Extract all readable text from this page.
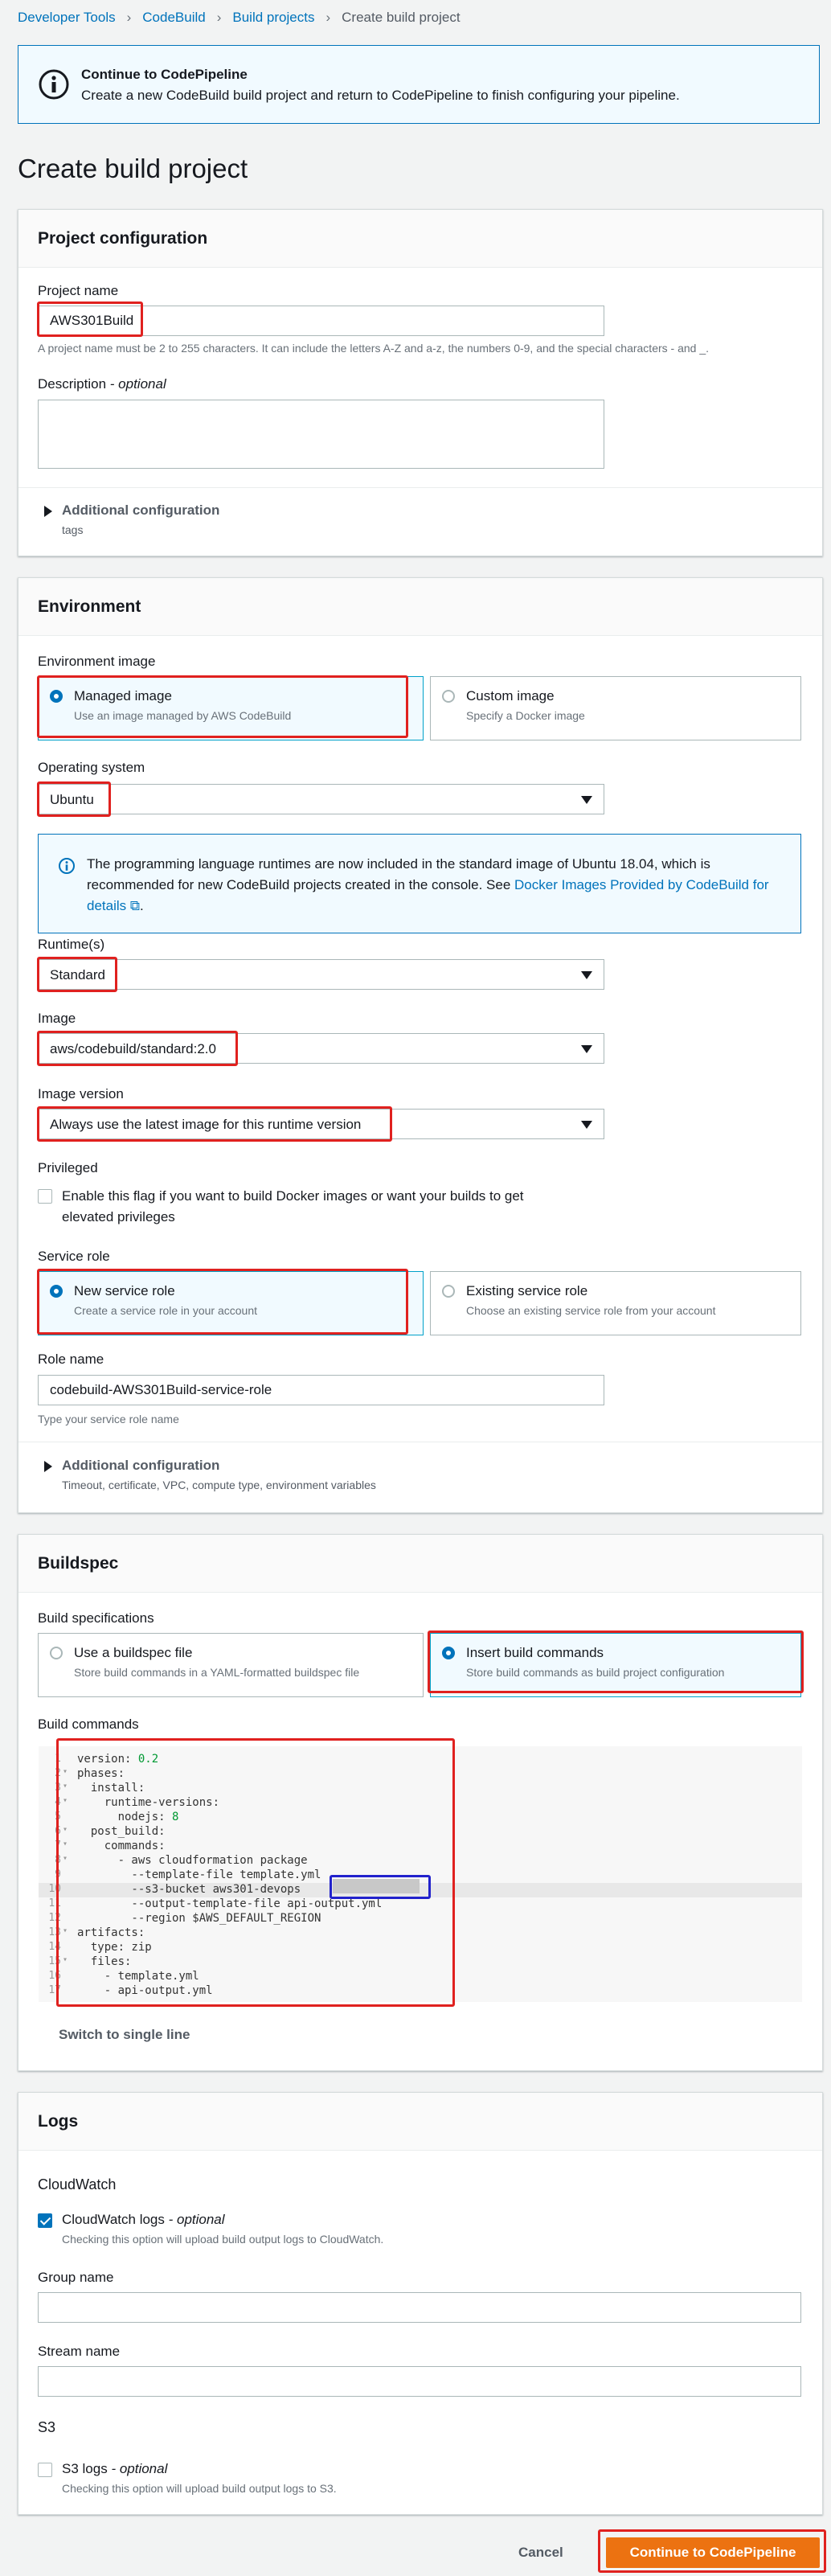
Developer Tools › CodeBuild › Build projects › Create build project
Continue to CodePipeline
Create a new CodeBuild build project and return to CodePipeline to finish configuring your pipeline.
Create build project
Project configuration
Project name
AWS301Build
A project name must be 2 to 255 characters. It can include the letters A-Z and a-z, the numbers 0-9, and the special characters - and _.
Description - optional
Additional configuration
tags
Environment
Environment image
Managed image
Use an image managed by AWS CodeBuild
Custom image
Specify a Docker image
Operating system
Ubuntu
The programming language runtimes are now included in the standard image of Ubuntu 18.04, which is recommended for new CodeBuild projects created in the console. See Docker Images Provided by CodeBuild for details ⧉.
Runtime(s)
Standard
Image
aws/codebuild/standard:2.0
Image version
Always use the latest image for this runtime version
Privileged
Enable this flag if you want to build Docker images or want your builds to get
elevated privileges
Service role
New service role
Create a service role in your account
Existing service role
Choose an existing service role from your account
Role name
codebuild-AWS301Build-service-role
Type your service role name
Additional configuration
Timeout, certificate, VPC, compute type, environment variables
Buildspec
Build specifications
Use a buildspec file
Store build commands in a YAML-formatted buildspec file
Insert build commands
Store build commands as build project configuration
Build commands
Switch to single line
1 version: 0.2
2 ▾ phases:
3 ▾ install:
4 ▾ runtime-versions:
5 nodejs: 8
6 ▾ post_build:
7 ▾ commands:
8 ▾ - aws cloudformation package
9 --template-file template.yml
10 --s3-bucket aws301-devops
11 --output-template-file api-output.yml
12 --region $AWS_DEFAULT_REGION
13 ▾ artifacts:
14 type: zip
15 ▾ files:
16 - template.yml
17 - api-output.yml
Logs
CloudWatch
CloudWatch logs - optional
Checking this option will upload build output logs to CloudWatch.
Group name
Stream name
S3
S3 logs - optional
Checking this option will upload build output logs to S3.
Cancel	Continue to CodePipeline
